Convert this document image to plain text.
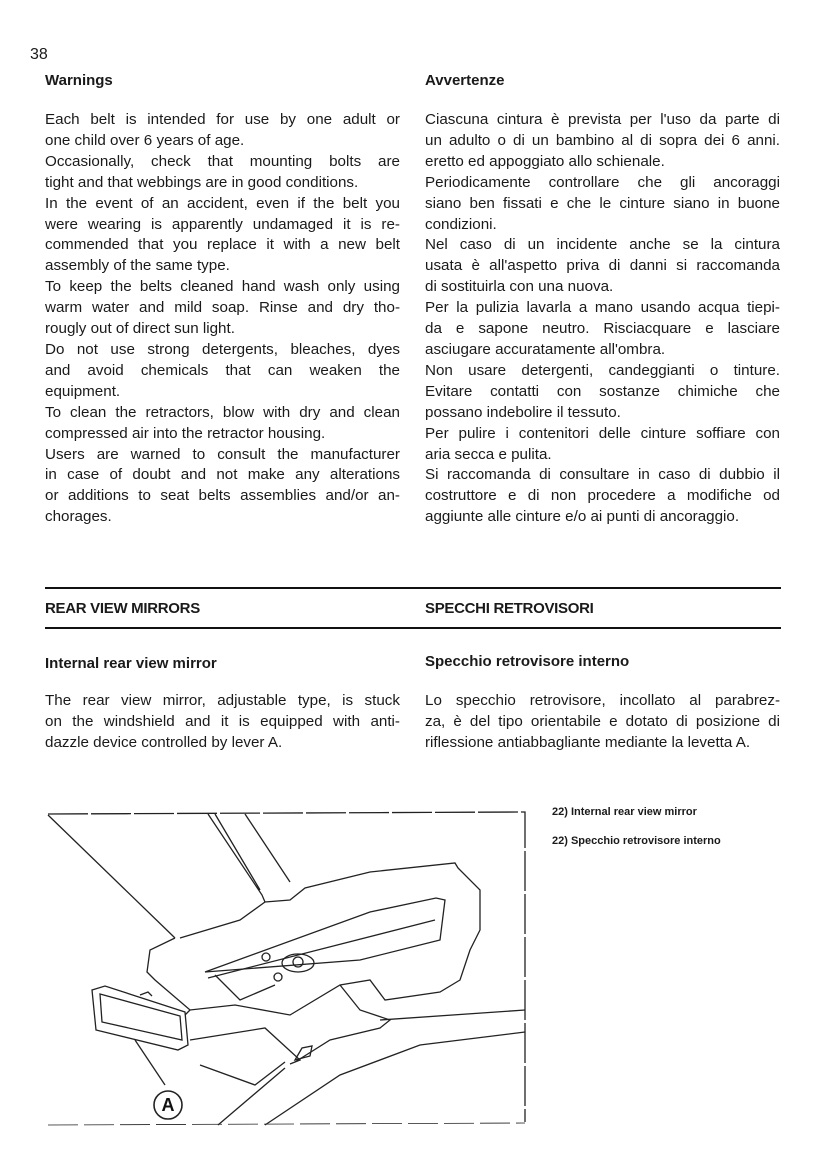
38
Warnings	Avvertenze
Each belt is intended for use by one adult or
one child over 6 years of age.
Occasionally, check that mounting bolts are
tight and that webbings are in good conditions.
In the event of an accident, even if the belt you
were wearing is apparently undamaged it is re-
commended that you replace it with a new belt
assembly of the same type.
To keep the belts cleaned hand wash only using
warm water and mild soap. Rinse and dry tho-
rougly out of direct sun light.
Do not use strong detergents, bleaches, dyes
and avoid chemicals that can weaken the
equipment.
To clean the retractors, blow with dry and clean
compressed air into the retractor housing.
Users are warned to consult the manufacturer
in case of doubt and not make any alterations
or additions to seat belts assemblies and/or an-
chorages.
Ciascuna cintura è prevista per l'uso da parte di
un adulto o di un bambino al di sopra dei 6 anni.
eretto ed appoggiato allo schienale.
Periodicamente controllare che gli ancoraggi
siano ben fissati e che le cinture siano in buone
condizioni.
Nel caso di un incidente anche se la cintura
usata è all'aspetto priva di danni si raccomanda
di sostituirla con una nuova.
Per la pulizia lavarla a mano usando acqua tiepi-
da e sapone neutro. Risciacquare e lasciare
asciugare accuratamente all'ombra.
Non usare detergenti, candeggianti o tinture.
Evitare contatti con sostanze chimiche che
possano indebolire il tessuto.
Per pulire i contenitori delle cinture soffiare con
aria secca e pulita.
Si raccomanda di consultare in caso di dubbio il
costruttore e di non procedere a modifiche od
aggiunte alle cinture e/o ai punti di ancoraggio.
REAR VIEW MIRRORS	SPECCHI RETROVISORI
Internal rear view mirror	Specchio retrovisore interno
The rear view mirror, adjustable type, is stuck
on the windshield and it is equipped with anti-
dazzle device controlled by lever A.
Lo specchio retrovisore, incollato al parabrez-
za, è del tipo orientabile e dotato di posizione di
riflessione antiabbagliante mediante la levetta A.
A
22) Internal rear view mirror
22) Specchio retrovisore interno
